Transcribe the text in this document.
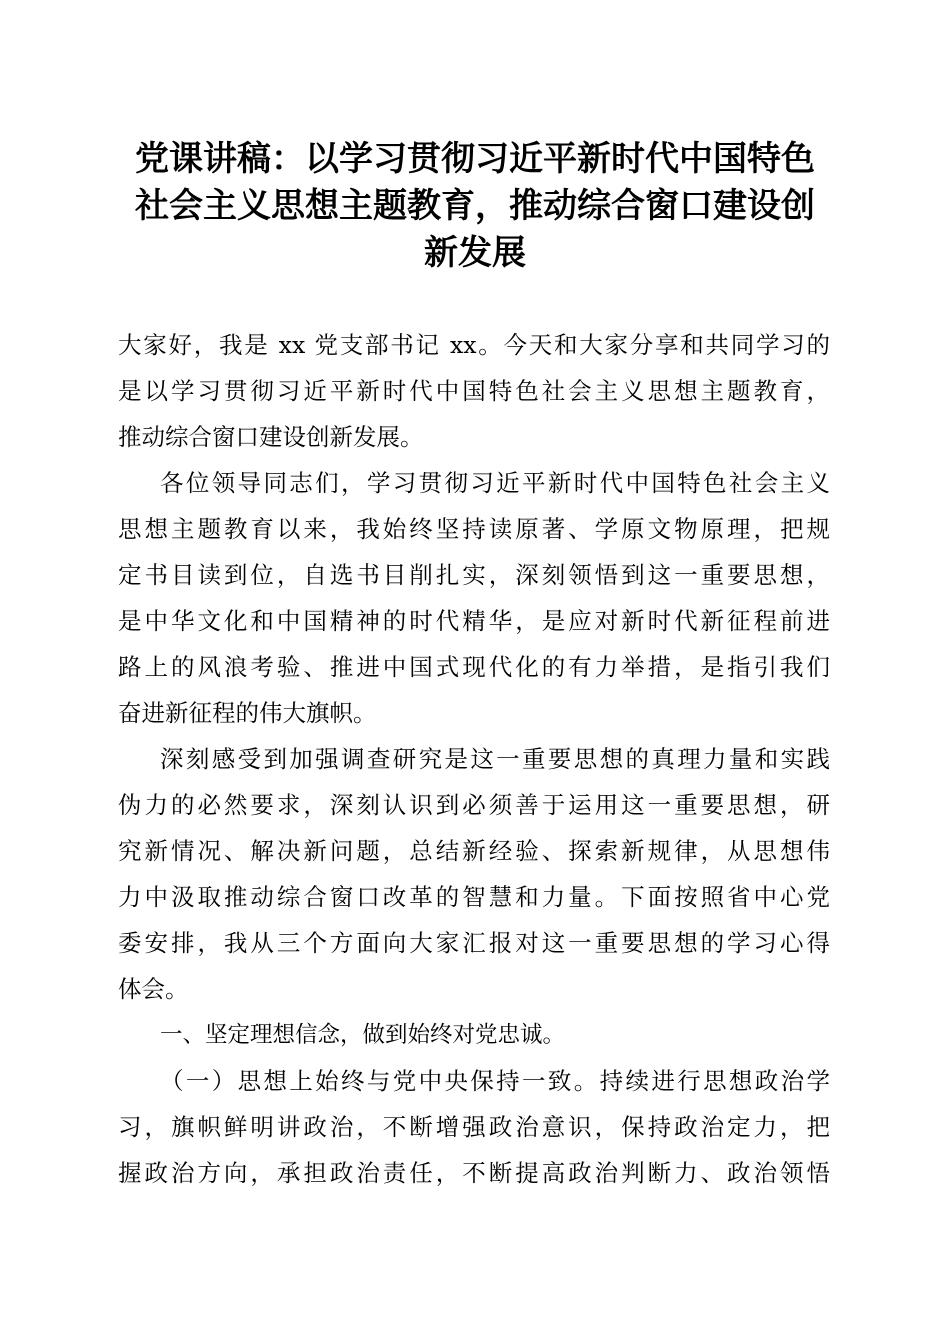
党课讲稿：以学习贯彻习近平新时代中国特色
社会主义思想主题教育，推动综合窗口建设创
新发展

大家好，我是 xx 党支部书记 xx。今天和大家分享和共同学习的
是以学习贯彻习近平新时代中国特色社会主义思想主题教育，
推动综合窗口建设创新发展。

各位领导同志们，学习贯彻习近平新时代中国特色社会主义
思想主题教育以来，我始终坚持读原著、学原文物原理，把规
定书目读到位，自选书目削扎实，深刻领悟到这一重要思想，
是中华文化和中国精神的时代精华，是应对新时代新征程前进
路上的风浪考验、推进中国式现代化的有力举措，是指引我们
奋进新征程的伟大旗帜。

深刻感受到加强调查研究是这一重要思想的真理力量和实践
伪力的必然要求，深刻认识到必须善于运用这一重要思想，研
究新情况、解决新问题，总结新经验、探索新规律，从思想伟
力中汲取推动综合窗口改革的智慧和力量。下面按照省中心党
委安排，我从三个方面向大家汇报对这一重要思想的学习心得
体会。

一、坚定理想信念，做到始终对党忠诚。

（一）思想上始终与党中央保持一致。持续进行思想政治学
习，旗帜鲜明讲政治，不断增强政治意识，保持政治定力，把
握政治方向，承担政治责任，不断提高政治判断力、政治领悟
